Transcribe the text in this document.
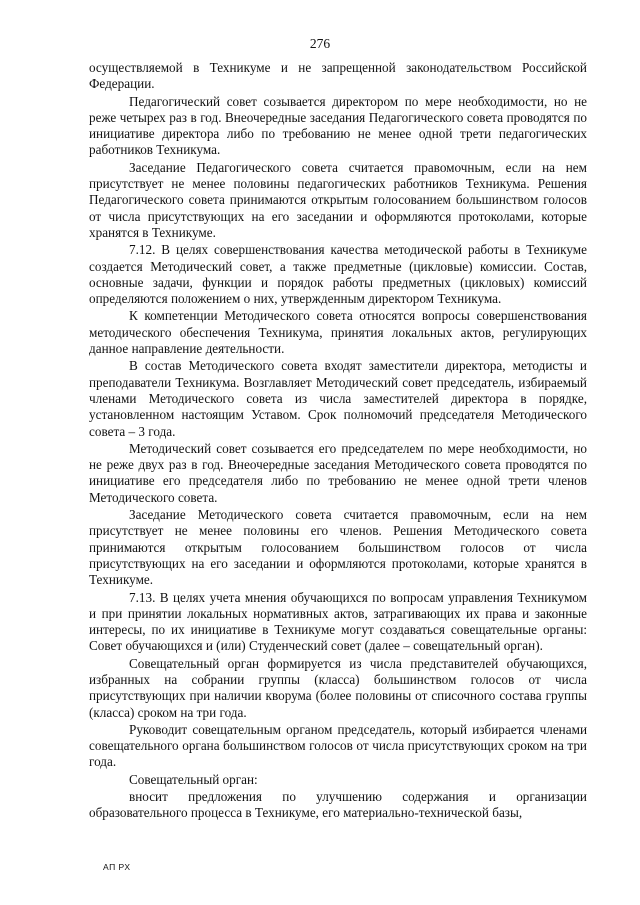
276

осуществляемой в Техникуме и не запрещенной законодательством Российской Федерации.

Педагогический совет созывается директором по мере необходимости, но не реже четырех раз в год. Внеочередные заседания Педагогического совета проводятся по инициативе директора либо по требованию не менее одной трети педагогических работников Техникума.

Заседание Педагогического совета считается правомочным, если на нем присутствует не менее половины педагогических работников Техникума. Решения Педагогического совета принимаются открытым голосованием большинством голосов от числа присутствующих на его заседании и оформляются протоколами, которые хранятся в Техникуме.

7.12. В целях совершенствования качества методической работы в Техникуме создается Методический совет, а также предметные (цикловые) комиссии. Состав, основные задачи, функции и порядок работы предметных (цикловых) комиссий определяются положением о них, утвержденным директором Техникума.

К компетенции Методического совета относятся вопросы совершенствования методического обеспечения Техникума, принятия локальных актов, регулирующих данное направление деятельности.

В состав Методического совета входят заместители директора, методисты и преподаватели Техникума. Возглавляет Методический совет председатель, избираемый членами Методического совета из числа заместителей директора в порядке, установленном настоящим Уставом. Срок полномочий председателя Методического совета – 3 года.

Методический совет созывается его председателем по мере необходимости, но не реже двух раз в год. Внеочередные заседания Методического совета проводятся по инициативе его председателя либо по требованию не менее одной трети членов Методического совета.

Заседание Методического совета считается правомочным, если на нем присутствует не менее половины его членов. Решения Методического совета принимаются открытым голосованием большинством голосов от числа присутствующих на его заседании и оформляются протоколами, которые хранятся в Техникуме.

7.13. В целях учета мнения обучающихся по вопросам управления Техникумом и при принятии локальных нормативных актов, затрагивающих их права и законные интересы, по их инициативе в Техникуме могут создаваться совещательные органы: Совет обучающихся и (или) Студенческий совет (далее – совещательный орган).

Совещательный орган формируется из числа представителей обучающихся, избранных на собрании группы (класса) большинством голосов от числа присутствующих при наличии кворума (более половины от списочного состава группы (класса) сроком на три года.

Руководит совещательным органом председатель, который избирается членами совещательного органа большинством голосов от числа присутствующих сроком на три года.

Совещательный орган:

вносит предложения по улучшению содержания и организации образовательного процесса в Техникуме, его материально-технической базы,

АП РХ
